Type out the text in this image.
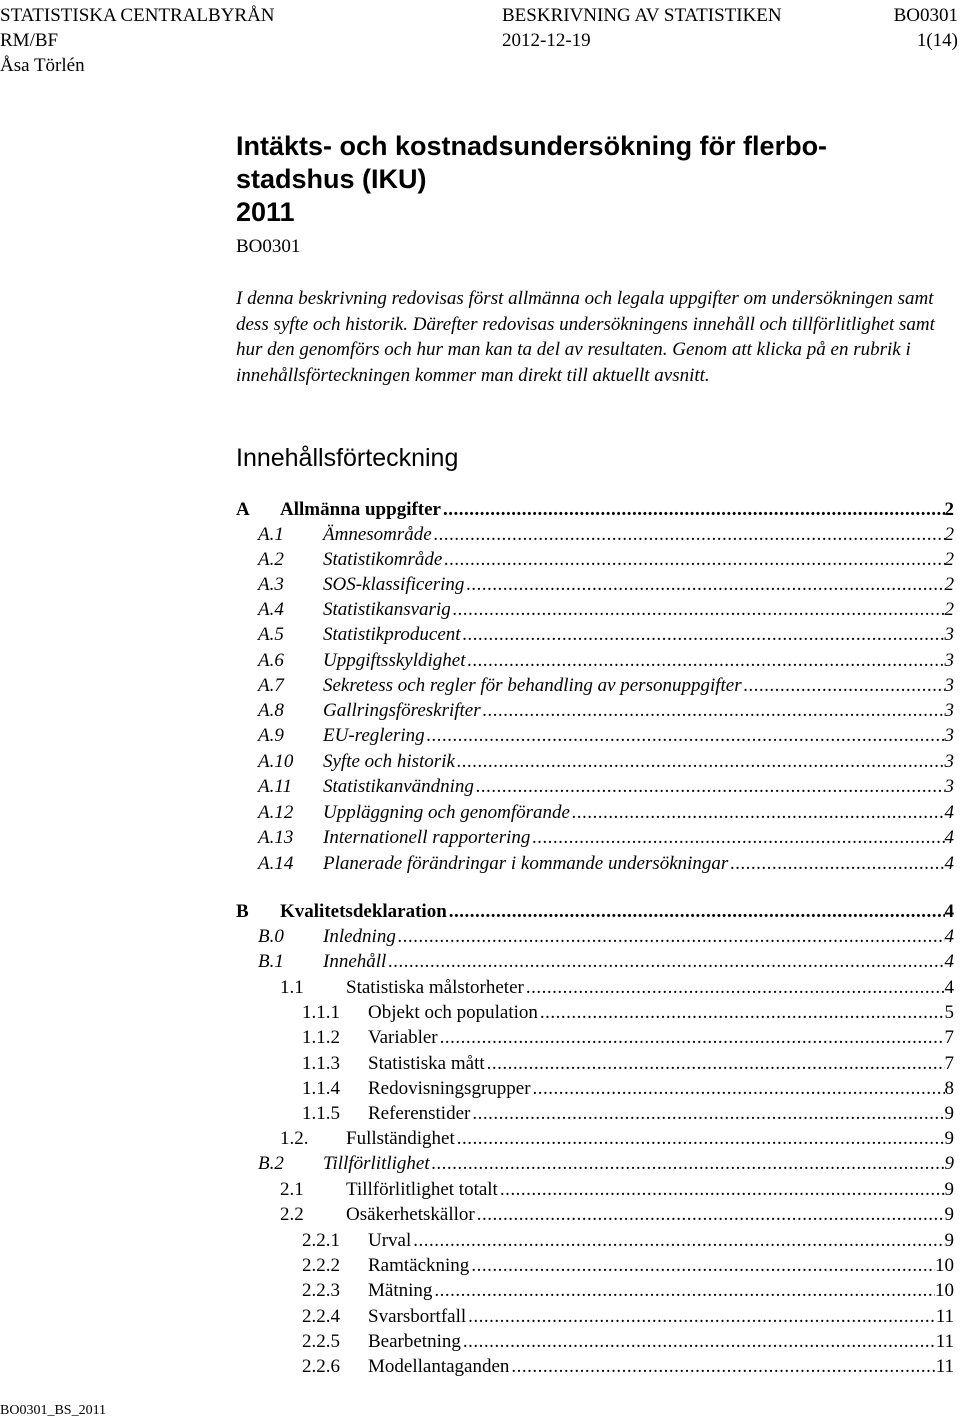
STATISTISKA CENTRALBYRÅN	BESKRIVNING AV STATISTIKEN	BO0301
RM/BF	2012-12-19	1(14)
Åsa Törlén
Intäkts- och kostnadsundersökning för flerbo-
stadshus (IKU)
2011
BO0301

I denna beskrivning redovisas först allmänna och legala uppgifter om undersökningen samt dess syfte och historik. Därefter redovisas undersökningens innehåll och tillförlitlighet samt hur den genomförs och hur man kan ta del av resultaten. Genom att klicka på en rubrik i innehållsförteckningen kommer man direkt till aktuellt avsnitt.

Innehållsförteckning
A Allmänna uppgifter .....	2
A.1 Ämnesområde .....	2
A.2 Statistikområde .....	2
A.3 SOS-klassificering .....	2
A.4 Statistikansvarig .....	2
A.5 Statistikproducent .....	3
A.6 Uppgiftsskyldighet .....	3
A.7 Sekretess och regler för behandling av personuppgifter .....	3
A.8 Gallringsföreskrifter .....	3
A.9 EU-reglering .....	3
A.10 Syfte och historik .....	3
A.11 Statistikanvändning .....	3
A.12 Uppläggning och genomförande .....	4
A.13 Internationell rapportering .....	4
A.14 Planerade förändringar i kommande undersökningar .....	4
B Kvalitetsdeklaration .....	4
B.0 Inledning .....	4
B.1 Innehåll .....	4
1.1 Statistiska målstorheter .....	4
1.1.1 Objekt och population .....	5
1.1.2 Variabler .....	7
1.1.3 Statistiska mått .....	7
1.1.4 Redovisningsgrupper .....	8
1.1.5 Referenstider .....	9
1.2. Fullständighet .....	9
B.2 Tillförlitlighet .....	9
2.1 Tillförlitlighet totalt .....	9
2.2 Osäkerhetskällor .....	9
2.2.1 Urval .....	9
2.2.2 Ramtäckning .....	10
2.2.3 Mätning .....	10
2.2.4 Svarsbortfall .....	11
2.2.5 Bearbetning .....	11
2.2.6 Modellantaganden .....	11
BO0301_BS_2011
